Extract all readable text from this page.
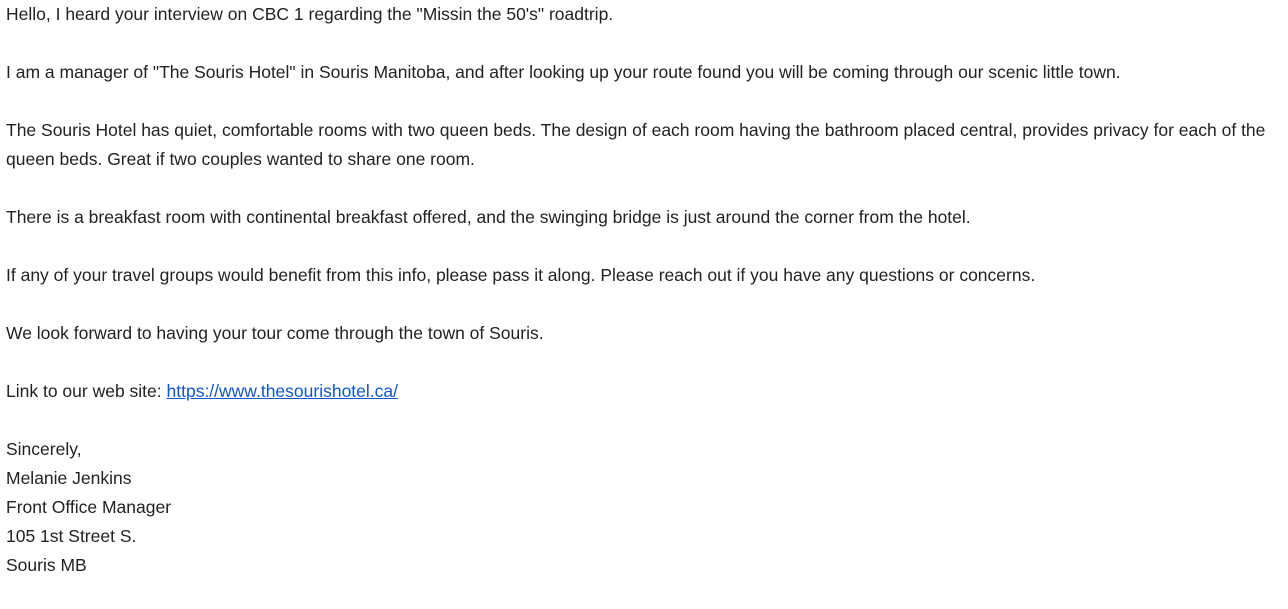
Hello, I heard your interview on CBC 1 regarding the "Missin the 50's" roadtrip.

I am a manager of "The Souris Hotel" in Souris Manitoba, and after looking up your route found you will be coming through our scenic little town.

The Souris Hotel has quiet, comfortable rooms with two queen beds. The design of each room having the bathroom placed central, provides privacy for each of the queen beds. Great if two couples wanted to share one room.

There is a breakfast room with continental breakfast offered, and the swinging bridge is just around the corner from the hotel.

If any of your travel groups would benefit from this info, please pass it along. Please reach out if you have any questions or concerns.

We look forward to having your tour come through the town of Souris.

Link to our web site: https://www.thesourishotel.ca/

Sincerely,
Melanie Jenkins
Front Office Manager
105 1st Street S.
Souris MB
